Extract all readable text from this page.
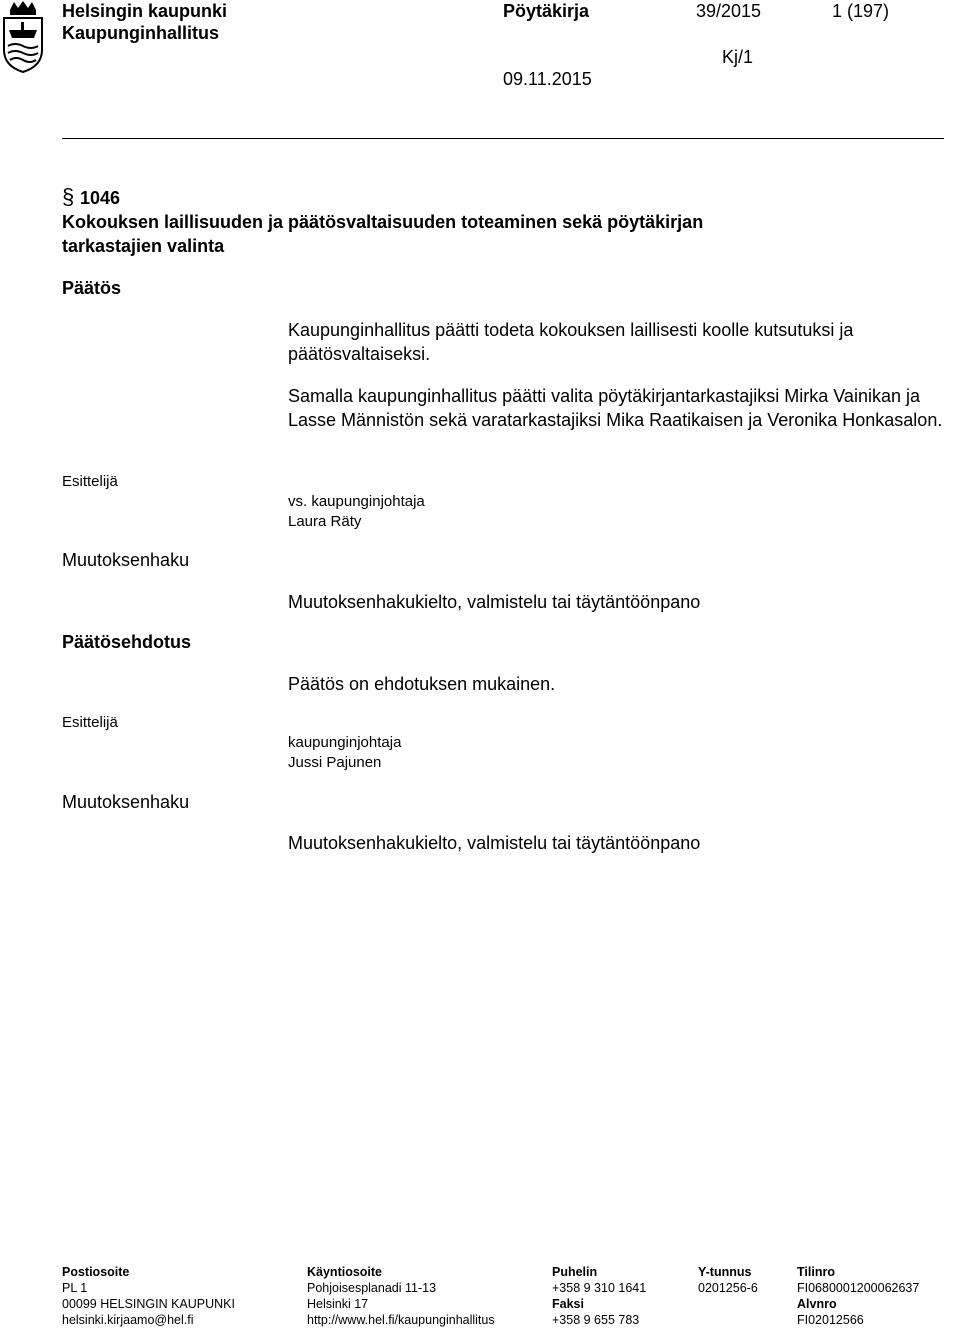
Helsingin kaupunki
Kaupunginhallitus
Pöytäkirja
09.11.2015
39/2015	1 (197)
Kj/1
§ 1046
Kokouksen laillisuuden ja päätösvaltaisuuden toteaminen sekä pöytäkirjan tarkastajien valinta
Päätös
Kaupunginhallitus päätti todeta kokouksen laillisesti koolle kutsutuksi ja päätösvaltaiseksi.
Samalla kaupunginhallitus päätti valita pöytäkirjantarkastajiksi Mirka Vainikan ja Lasse Männistön sekä varatarkastajiksi Mika Raatikaisen ja Veronika Honkasalon.
Esittelijä
vs. kaupunginjohtaja
Laura Räty
Muutoksenhaku
Muutoksenhakukielto, valmistelu tai täytäntöönpano
Päätösehdotus
Päätös on ehdotuksen mukainen.
Esittelijä
kaupunginjohtaja
Jussi Pajunen
Muutoksenhaku
Muutoksenhakukielto, valmistelu tai täytäntöönpano
Postiosoite
PL 1
00099 HELSINGIN KAUPUNKI
helsinki.kirjaamo@hel.fi
Käyntiosoite
Pohjoisesplanadi 11-13
Helsinki 17
http://www.hel.fi/kaupunginhallitus
Puhelin
+358 9 310 1641
Faksi
+358 9 655 783
Y-tunnus
0201256-6
Tilinro
FI0680001200062637
Alvnro
FI02012566
